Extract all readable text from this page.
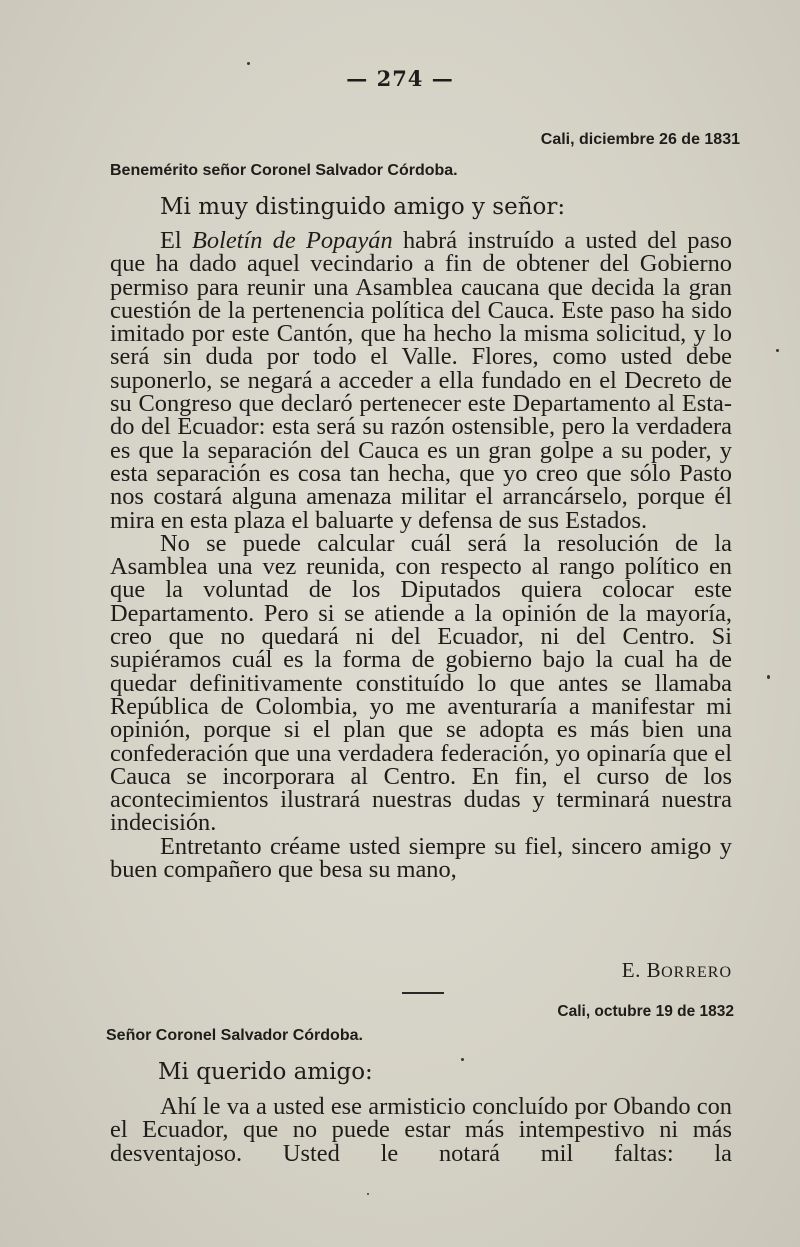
— 274 —
Cali, diciembre 26 de 1831
Benemérito señor Coronel Salvador Córdoba.
Mi muy distinguido amigo y señor:

El Boletín de Popayán habrá instruído a usted del paso que ha dado aquel vecindario a fin de obtener del Gobierno permiso para reunir una Asamblea caucana que decida la gran cuestión de la pertenencia política del Cauca. Este paso ha sido imitado por este Cantón, que ha hecho la misma solicitud, y lo será sin duda por todo el Valle. Flores, como usted debe suponerlo, se negará a acceder a ella fundado en el Decreto de su Congreso que declaró pertenecer este Departamento al Estado del Ecuador: esta será su razón ostensible, pero la verdadera es que la separación del Cauca es un gran golpe a su poder, y esta separación es cosa tan hecha, que yo creo que sólo Pasto nos costará alguna amenaza militar el arrancárselo, porque él mira en esta plaza el baluarte y defensa de sus Estados.

No se puede calcular cuál será la resolución de la Asamblea una vez reunida, con respecto al rango político en que la voluntad de los Diputados quiera colocar este Departamento. Pero si se atiende a la opinión de la mayoría, creo que no quedará ni del Ecuador, ni del Centro. Si supiéramos cuál es la forma de gobierno bajo la cual ha de quedar definitivamente constituído lo que antes se llamaba República de Colombia, yo me aventuraría a manifestar mi opinión, porque si el plan que se adopta es más bien una confederación que una verdadera federación, yo opinaría que el Cauca se incorporara al Centro. En fin, el curso de los acontecimientos ilustrará nuestras dudas y terminará nuestra indecisión.

Entretanto créame usted siempre su fiel, sincero amigo y buen compañero que besa su mano,

E. BORRERO
Cali, octubre 19 de 1832
Señor Coronel Salvador Córdoba.
Mi querido amigo:

Ahí le va a usted ese armisticio concluído por Obando con el Ecuador, que no puede estar más intempestivo ni más desventajoso. Usted le notará mil faltas: la
